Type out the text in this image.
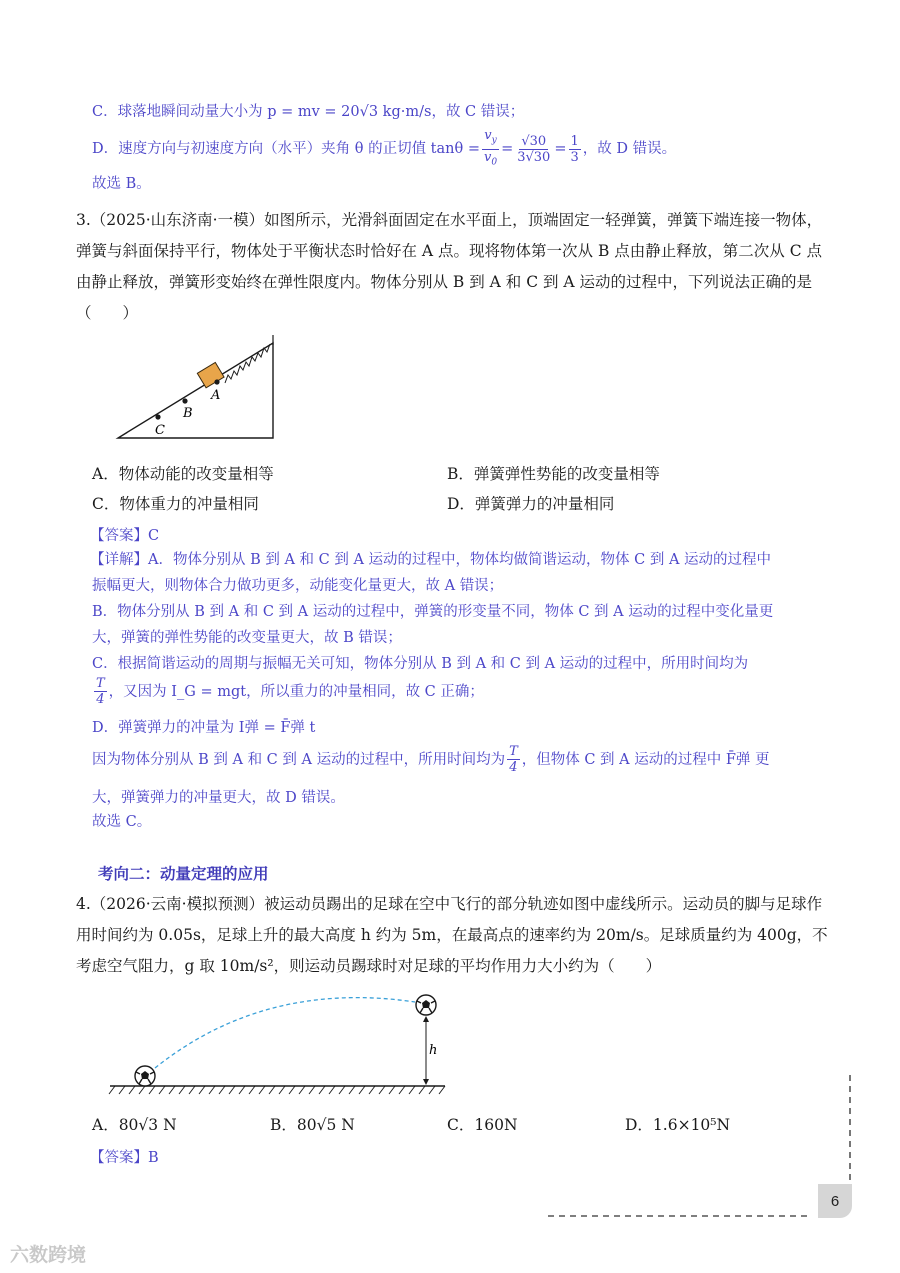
C．球落地瞬间动量大小为 p = mv = 20√3 kg·m/s，故 C 错误；
D．速度方向与初速度方向（水平）夹角 θ 的正切值 $\tan\theta = \frac{v_y}{v_0} = \frac{√30}{3√30} = \frac{1}{3}$ ，故 D 错误。
故选 B。
3.（2025·山东济南·一模）如图所示，光滑斜面固定在水平面上，顶端固定一轻弹簧，弹簧下端连接一物体，弹簧与斜面保持平行，物体处于平衡状态时恰好在 A 点。现将物体第一次从 B 点由静止释放，第二次从 C 点由静止释放，弹簧形变始终在弹性限度内。物体分别从 B 到 A 和 C 到 A 运动的过程中，下列说法正确的是（　　）
A
B
C
A．物体动能的改变量相等	B．弹簧弹性势能的改变量相等
C．物体重力的冲量相同	D．弹簧弹力的冲量相同
【答案】C
【详解】A．物体分别从 B 到 A 和 C 到 A 运动的过程中，物体均做简谐运动，物体 C 到 A 运动的过程中
振幅更大，则物体合力做功更多，动能变化量更大，故 A 错误；
B．物体分别从 B 到 A 和 C 到 A 运动的过程中，弹簧的形变量不同，物体 C 到 A 运动的过程中变化量更
大，弹簧的弹性势能的改变量更大，故 B 错误；
C．根据简谐运动的周期与振幅无关可知，物体分别从 B 到 A 和 C 到 A 运动的过程中，所用时间均为
$\frac{T}{4}$ ，又因为 I_G = mgt，所以重力的冲量相同，故 C 正确；
D．弹簧弹力的冲量为 I弹 = F̄弹 t
因为物体分别从 B 到 A 和 C 到 A 运动的过程中，所用时间均为 $\frac{T}{4}$ ，但物体 C 到 A 运动的过程中 F̄弹 更
大，弹簧弹力的冲量更大，故 D 错误。
故选 C。
考向二：动量定理的应用
4.（2026·云南·模拟预测）被运动员踢出的足球在空中飞行的部分轨迹如图中虚线所示。运动员的脚与足球作用时间约为 0.05s，足球上升的最大高度 h 约为 5m，在最高点的速率约为 20m/s。足球质量约为 400g，不考虑空气阻力，g 取 10m/s²，则运动员踢球时对足球的平均作用力大小约为（　　）
h
A．80√3 N	B．80√5 N	C．160N	D．1.6×10⁵N
【答案】B
6
六数跨境
